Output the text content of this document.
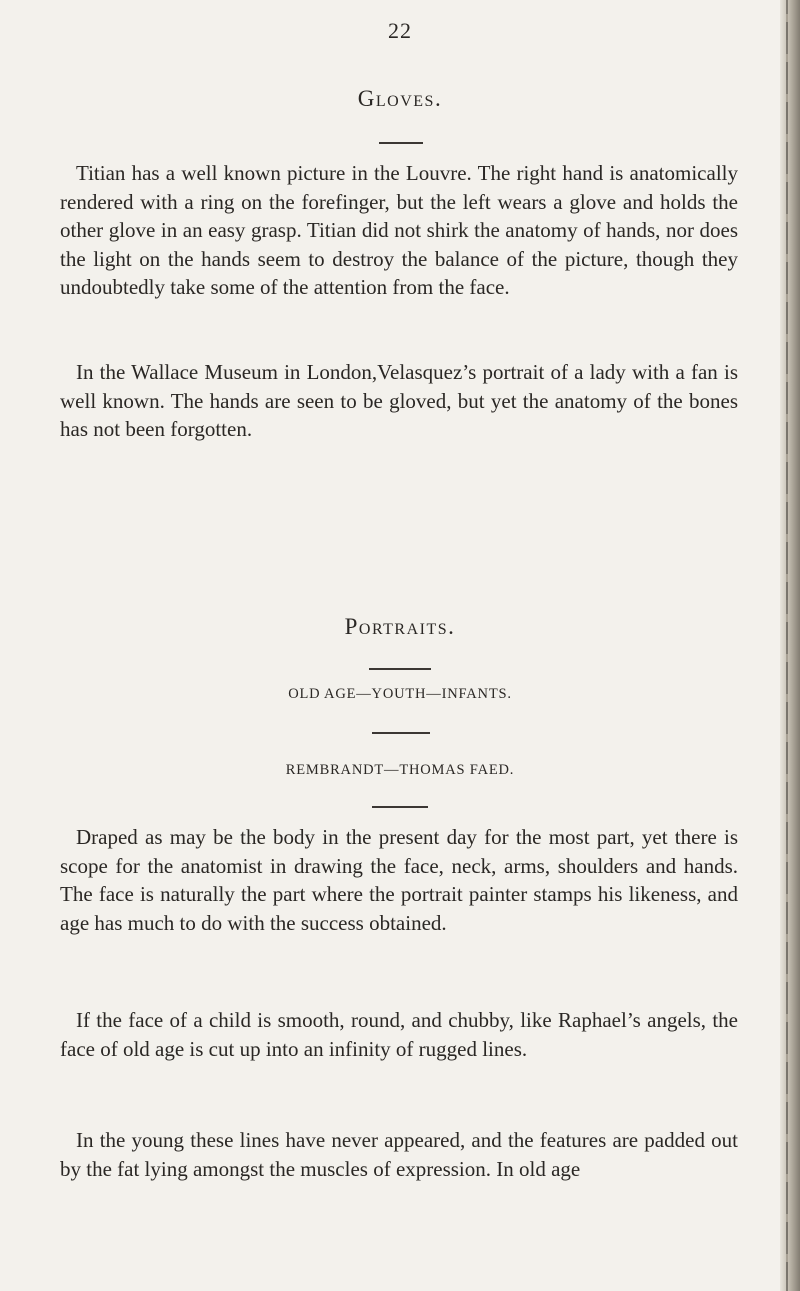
22
Gloves.

Titian has a well known picture in the Louvre. The right hand is anatomically rendered with a ring on the forefinger, but the left wears a glove and holds the other glove in an easy grasp. Titian did not shirk the anatomy of hands, nor does the light on the hands seem to destroy the balance of the picture, though they undoubtedly take some of the attention from the face.

In the Wallace Museum in London,Velasquez’s portrait of a lady with a fan is well known. The hands are seen to be gloved, but yet the anatomy of the bones has not been forgotten.

Portraits.
OLD AGE—YOUTH—INFANTS.
REMBRANDT—THOMAS FAED.

Draped as may be the body in the present day for the most part, yet there is scope for the anatomist in drawing the face, neck, arms, shoulders and hands. The face is naturally the part where the portrait painter stamps his likeness, and age has much to do with the success obtained.

If the face of a child is smooth, round, and chubby, like Raphael’s angels, the face of old age is cut up into an infinity of rugged lines.

In the young these lines have never appeared, and the features are padded out by the fat lying amongst the muscles of expression. In old age
